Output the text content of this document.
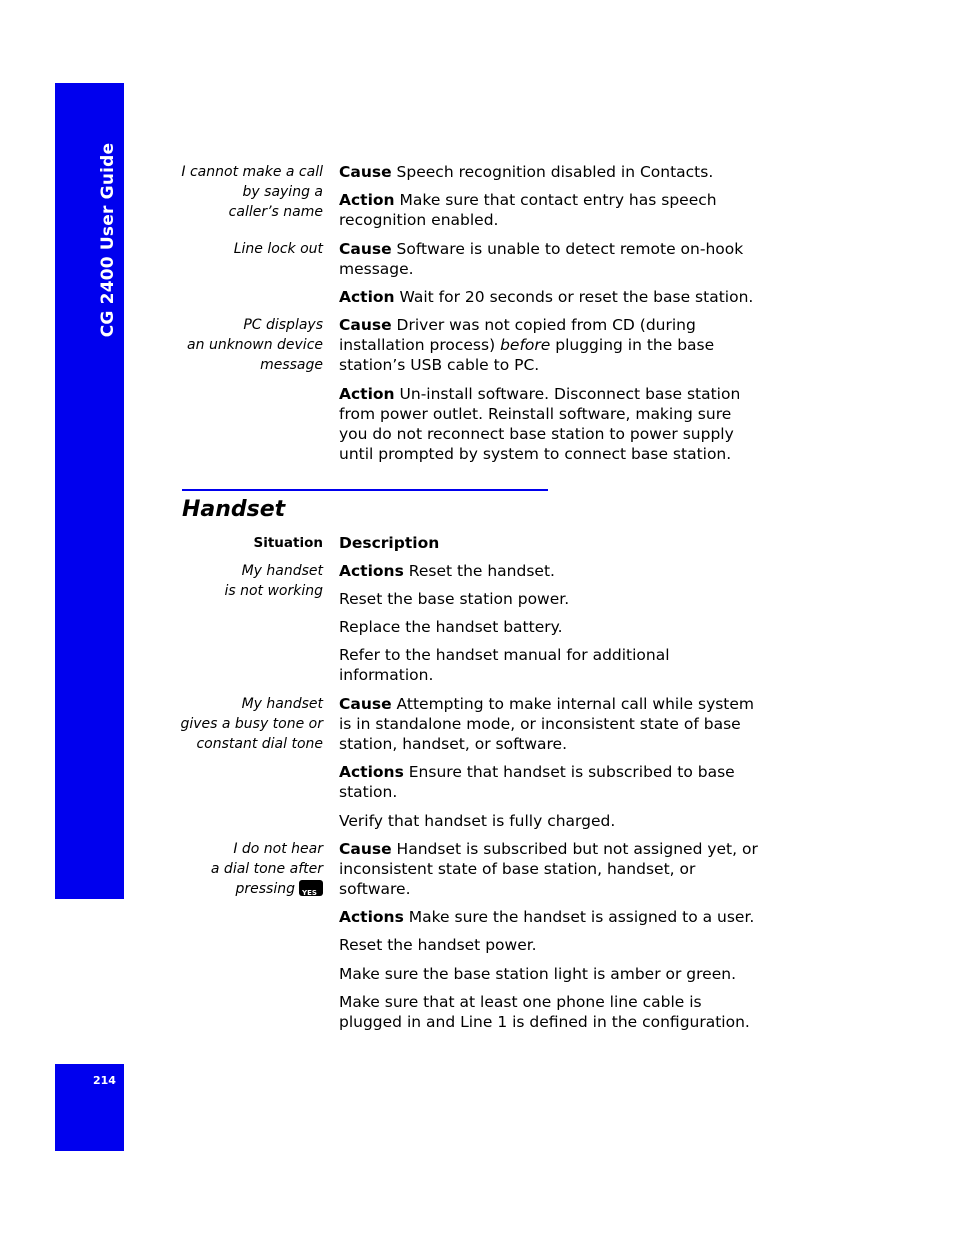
CG 2400 User Guide
214
I cannot make a call
by saying a
caller’s name
Cause Speech recognition disabled in Contacts.
Action Make sure that contact entry has speech
recognition enabled.
Line lock out Cause Software is unable to detect remote on-hook
message.
Action Wait for 20 seconds or reset the base station.
PC displays
an unknown device
message
Cause Driver was not copied from CD (during
installation process) before plugging in the base
station’s USB cable to PC.
Action Un-install software. Disconnect base station
from power outlet. Reinstall software, making sure
you do not reconnect base station to power supply
until prompted by system to connect base station.
Handset
Situation Description
My handset
is not working
Actions Reset the handset.
Reset the base station power.
Replace the handset battery.
Refer to the handset manual for additional
information.
My handset
gives a busy tone or
constant dial tone
Cause Attempting to make internal call while system
is in standalone mode, or inconsistent state of base
station, handset, or software.
Actions Ensure that handset is subscribed to base
station.
Verify that handset is fully charged.
I do not hear
a dial tone after
pressing YES
Cause Handset is subscribed but not assigned yet, or
inconsistent state of base station, handset, or
software.
Actions Make sure the handset is assigned to a user.
Reset the handset power.
Make sure the base station light is amber or green.
Make sure that at least one phone line cable is
plugged in and Line 1 is defined in the configuration.
